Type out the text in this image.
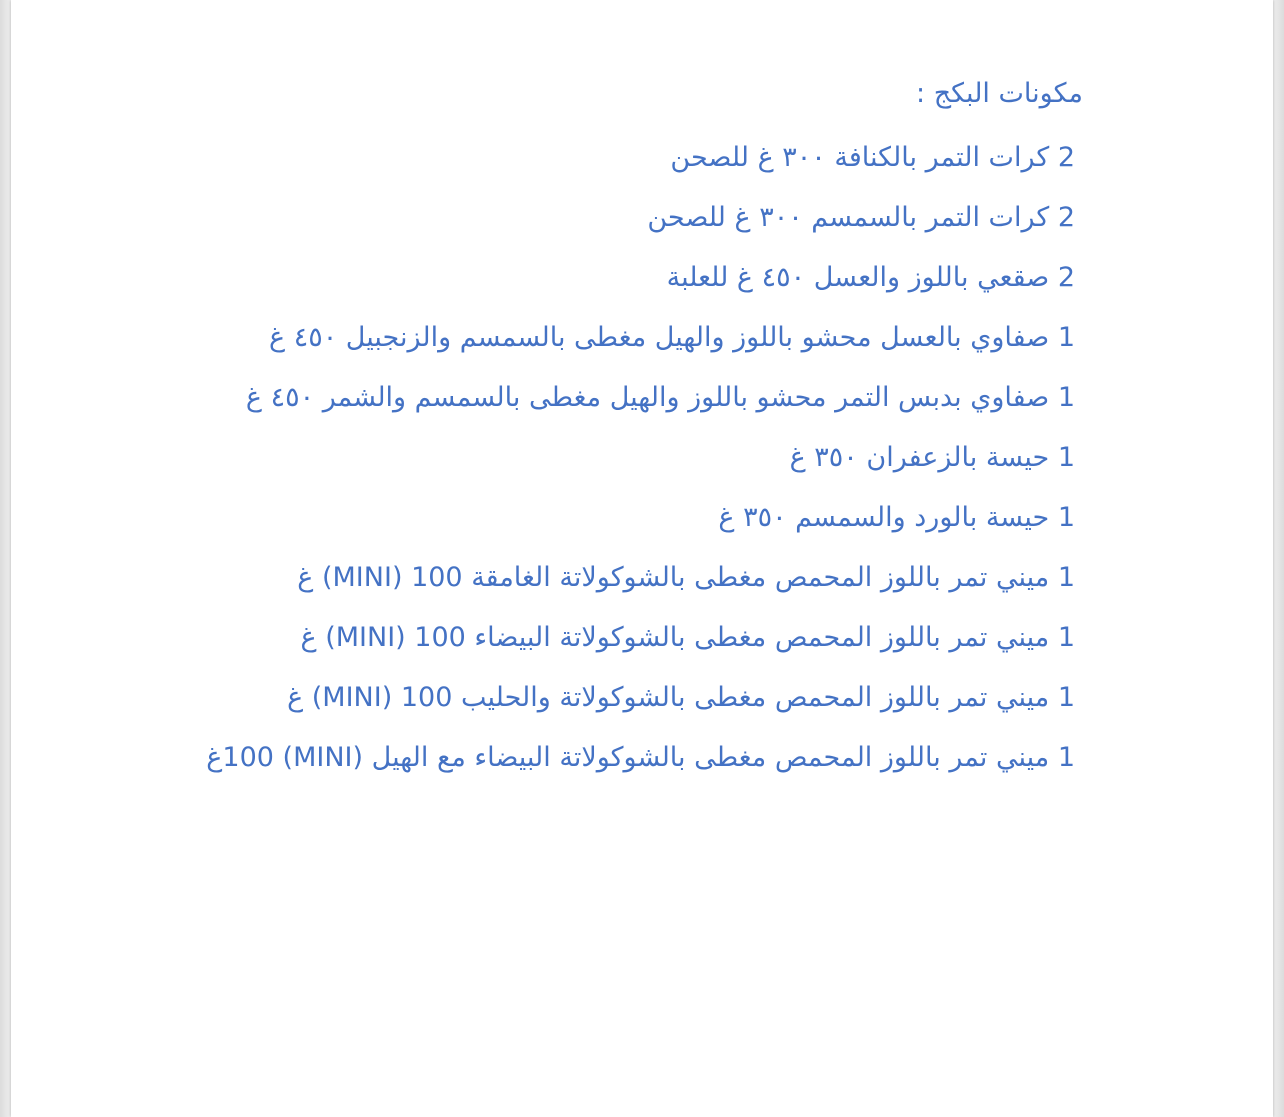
مكونات البكج :
2 كرات التمر بالكنافة ٣٠٠ غ للصحن
2 كرات التمر بالسمسم ٣٠٠ غ للصحن
2 صقعي باللوز والعسل ٤٥٠ غ للعلبة
1 صفاوي بالعسل محشو باللوز والهيل مغطى بالسمسم والزنجبيل ٤٥٠ غ
1 صفاوي بدبس التمر محشو باللوز والهيل مغطى بالسمسم والشمر ٤٥٠ غ
1 حيسة بالزعفران ٣٥٠ غ
1 حيسة بالورد والسمسم ٣٥٠ غ
1 ميني تمر باللوز المحمص مغطى بالشوكولاتة الغامقة 100 (MINI) غ
1 ميني تمر باللوز المحمص مغطى بالشوكولاتة البيضاء 100 (MINI) غ
1 ميني تمر باللوز المحمص مغطى بالشوكولاتة والحليب 100 (MINI) غ
1 ميني تمر باللوز المحمص مغطى بالشوكولاتة البيضاء مع الهيل (MINI) 100غ
